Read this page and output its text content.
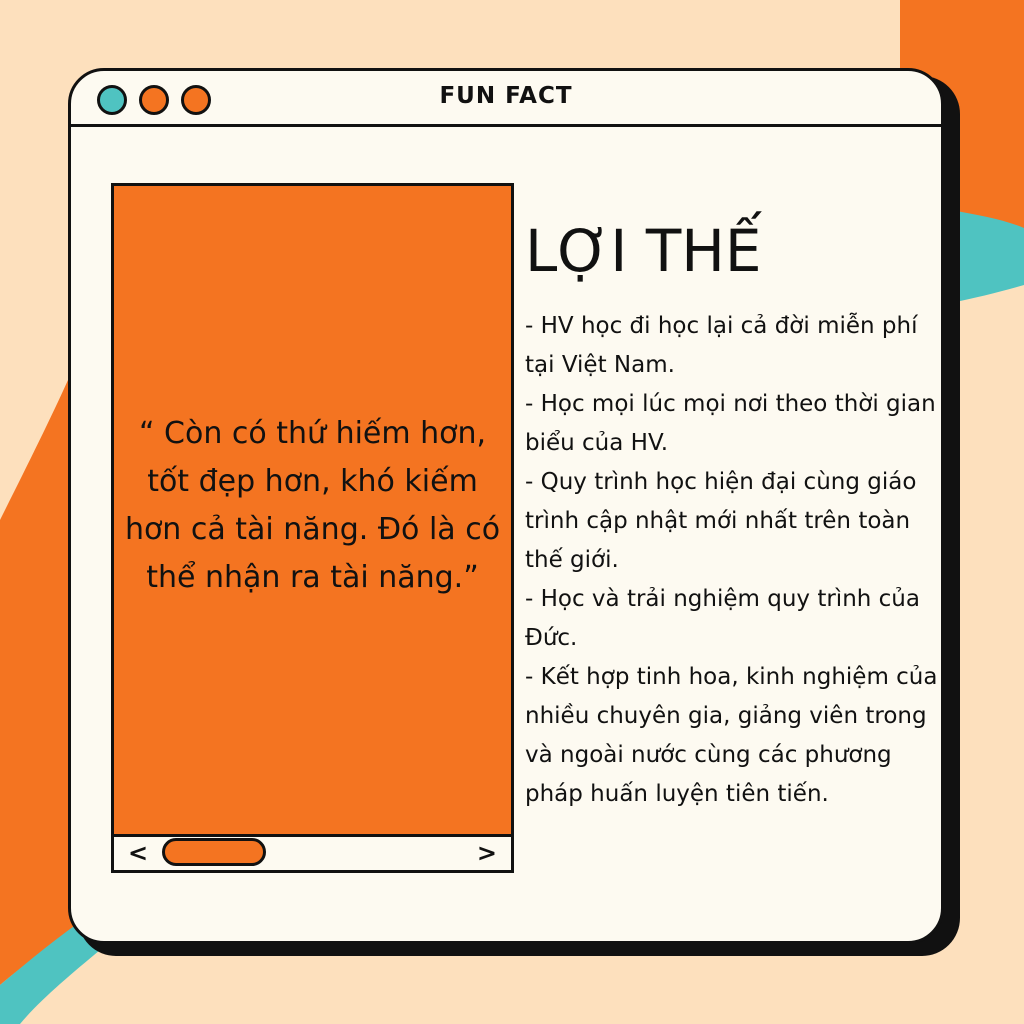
FUN FACT

“ Còn có thứ hiếm hơn, tốt đẹp hơn, khó kiếm hơn cả tài năng. Đó là có thể nhận ra tài năng.”

<	>
LỢI THẾ

- HV học đi học lại cả đời miễn phí tại Việt Nam.
- Học mọi lúc mọi nơi theo thời gian biểu của HV.
- Quy trình học hiện đại cùng giáo trình cập nhật mới nhất trên toàn thế giới.
- Học và trải nghiệm quy trình của Đức.
- Kết hợp tinh hoa, kinh nghiệm của nhiều chuyên gia, giảng viên trong và ngoài nước cùng các phương pháp huấn luyện tiên tiến.
